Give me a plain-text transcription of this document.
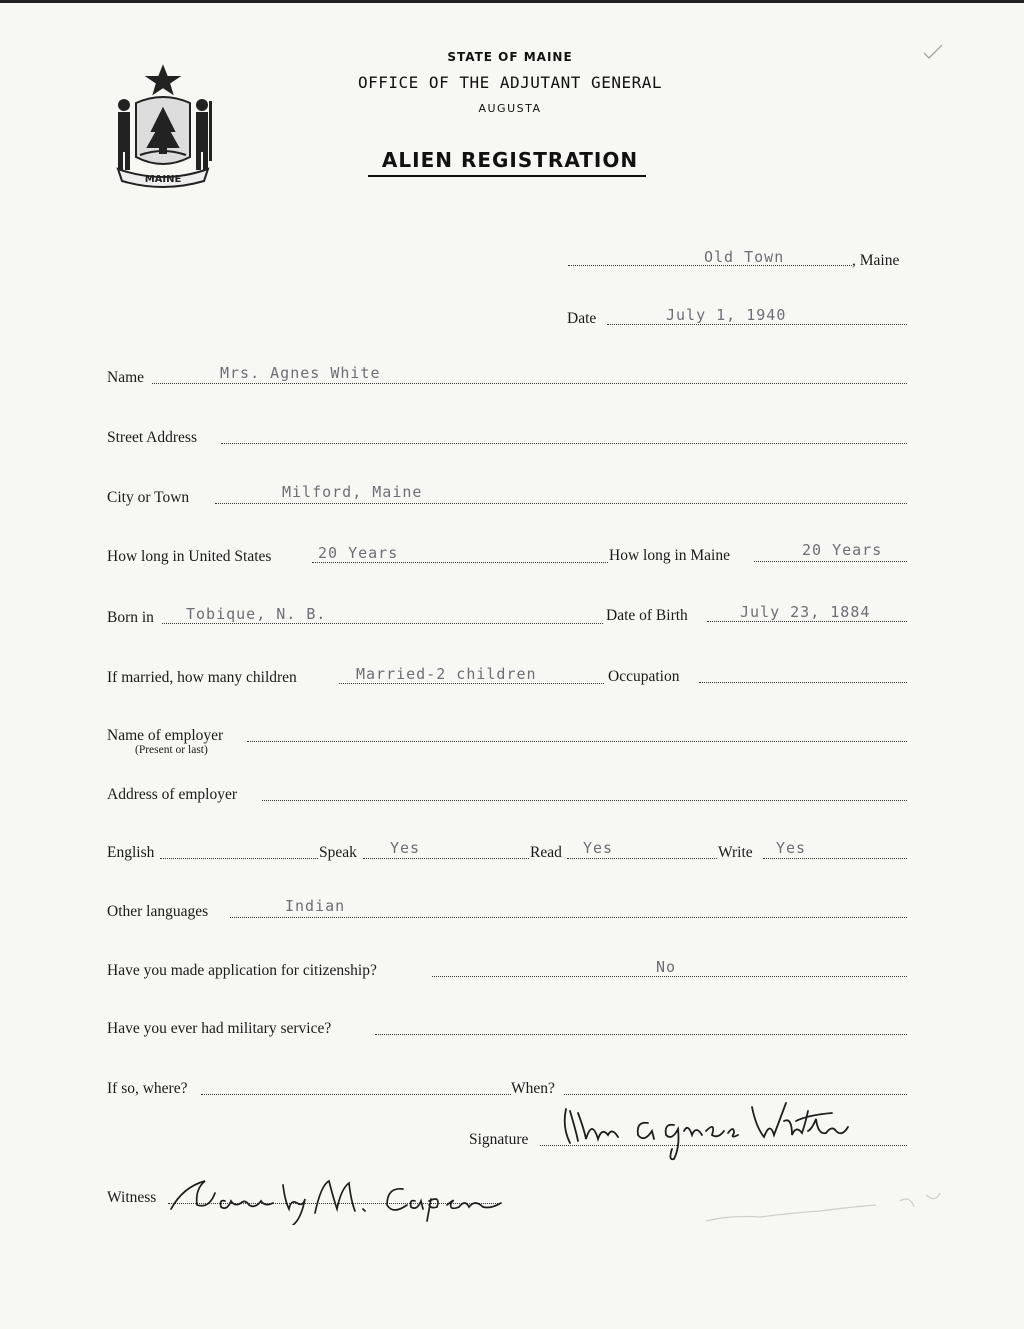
MAINE
STATE OF MAINE
OFFICE OF THE ADJUTANT GENERAL
AUGUSTA
ALIEN REGISTRATION
Old Town	, Maine
Date	July 1, 1940
Name	Mrs. Agnes White
Street Address
City or Town	Milford, Maine
How long in United States	20 Years	How long in Maine	20 Years
Born in Tobique, N. B.	Date of Birth	July 23, 1884
If married, how many children	Married-2 children	Occupation
Name of employer
(Present or last)
Address of employer
English	Speak Yes	Read Yes	Write Yes
Other languages	Indian
Have you made application for citizenship?	No
Have you ever had military service?
If so, where?	When?
Signature
Mrs Agnes White
Witness
Dorothy M. Capen
